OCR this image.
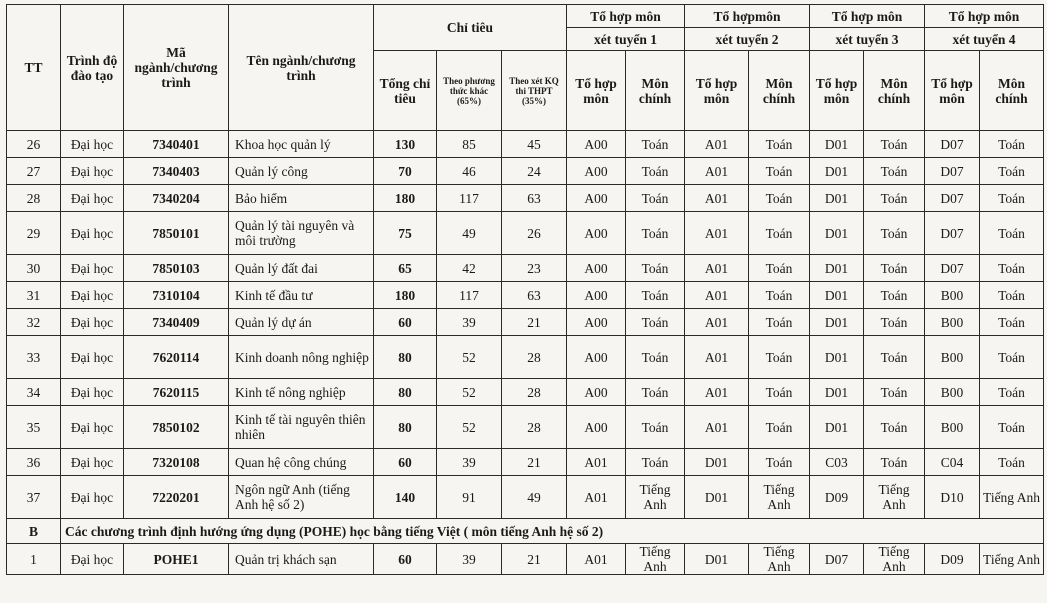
TT	Trình độ đào tạo	Mã ngành/chương trình	Tên ngành/chương trình	Chỉ tiêu			Tổ hợp môn		Tổ hợpmôn		Tổ hợp môn		Tổ hợp môn	
							xét tuyển 1		xét tuyển 2		xét tuyển 3		xét tuyển 4	
				Tổng chỉ tiêu	Theo phương thức khác (65%)	Theo xét KQ thi THPT (35%)	Tổ hợp môn	Môn chính	Tổ hợp môn	Môn chính	Tổ hợp môn	Môn chính	Tổ hợp môn	Môn chính
26	Đại học	7340401	Khoa học quản lý	130	85	45	A00	Toán	A01	Toán	D01	Toán	D07	Toán
27	Đại học	7340403	Quản lý công	70	46	24	A00	Toán	A01	Toán	D01	Toán	D07	Toán
28	Đại học	7340204	Bảo hiểm	180	117	63	A00	Toán	A01	Toán	D01	Toán	D07	Toán
29	Đại học	7850101	Quản lý tài nguyên và môi trường	75	49	26	A00	Toán	A01	Toán	D01	Toán	D07	Toán
30	Đại học	7850103	Quản lý đất đai	65	42	23	A00	Toán	A01	Toán	D01	Toán	D07	Toán
31	Đại học	7310104	Kinh tế đầu tư	180	117	63	A00	Toán	A01	Toán	D01	Toán	B00	Toán
32	Đại học	7340409	Quản lý dự án	60	39	21	A00	Toán	A01	Toán	D01	Toán	B00	Toán
33	Đại học	7620114	Kinh doanh nông nghiệp	80	52	28	A00	Toán	A01	Toán	D01	Toán	B00	Toán
34	Đại học	7620115	Kinh tế nông nghiệp	80	52	28	A00	Toán	A01	Toán	D01	Toán	B00	Toán
35	Đại học	7850102	Kinh tế tài nguyên thiên nhiên	80	52	28	A00	Toán	A01	Toán	D01	Toán	B00	Toán
36	Đại học	7320108	Quan hệ công chúng	60	39	21	A01	Toán	D01	Toán	C03	Toán	C04	Toán
37	Đại học	7220201	Ngôn ngữ Anh (tiếng Anh hệ số 2)	140	91	49	A01	Tiếng Anh	D01	Tiếng Anh	D09	Tiếng Anh	D10	Tiếng Anh
B	Các chương trình định hướng ứng dụng (POHE) học bằng tiếng Việt ( môn tiếng Anh hệ số 2)													
1	Đại học	POHE1	Quản trị khách sạn	60	39	21	A01	Tiếng Anh	D01	Tiếng Anh	D07	Tiếng Anh	D09	Tiếng Anh
